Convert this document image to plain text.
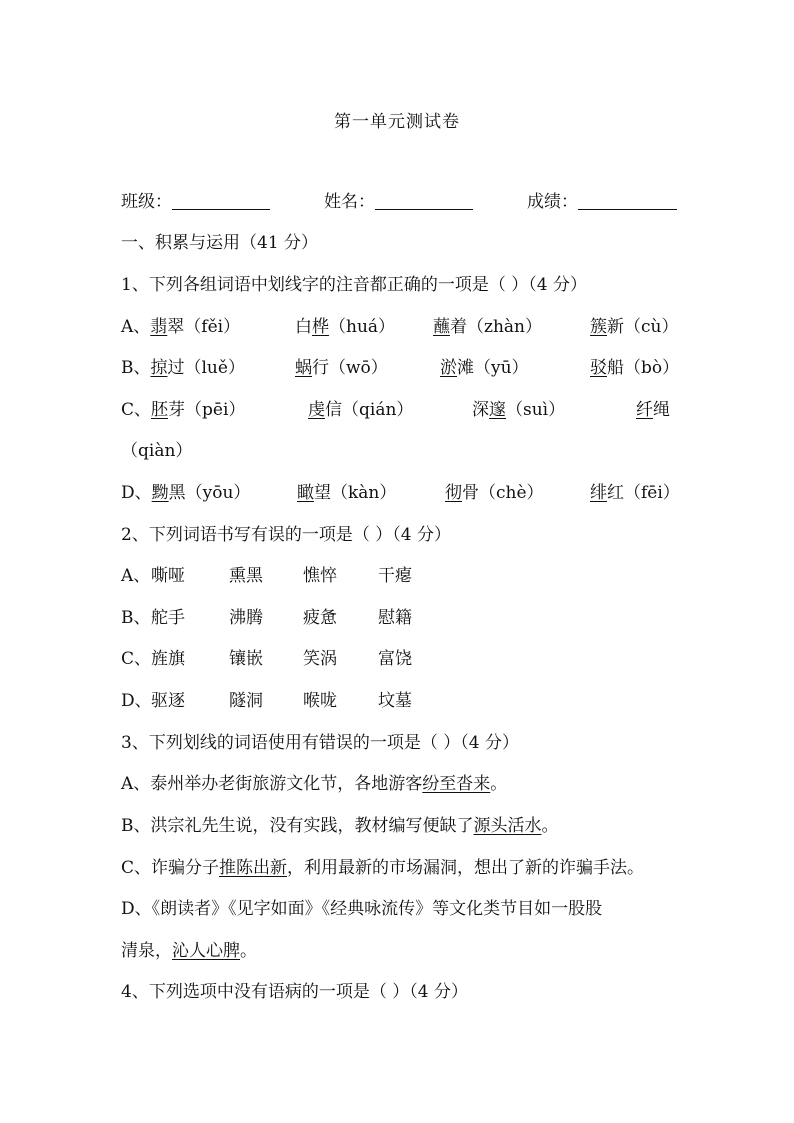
第一单元测试卷
班级：	姓名：	成绩：
一、积累与运用（41 分）
1、下列各组词语中划线字的注音都正确的一项是（ ）（4 分）
A、翡翠（fěi）	白桦（huá） 蘸着（zhàn）	簇新（cù）
B、掠过（luě）	蜗行（wō）	淤滩（yū）	驳船（bò）
C、胚芽（pēi）	虔信（qián）	深邃（suì）	纤绳
（qiàn）
D、黝黑（yōu）	瞰望（kàn）	彻骨（chè）	绯红（fēi）
2、下列词语书写有误的一项是（ ）（4 分）
A、 嘶哑	熏黑 憔悴 干瘪
B、 舵手	沸腾 疲惫 慰籍
C、 旌旗	镶嵌 笑涡 富饶
D、 驱逐	隧洞 喉咙 坟墓
3、下列划线的词语使用有错误的一项是（ ）（4 分）
A、泰州举办老街旅游文化节，各地游客纷至沓来。
B、洪宗礼先生说，没有实践，教材编写便缺了源头活水。
C、诈骗分子推陈出新，利用最新的市场漏洞，想出了新的诈骗手法。
D、《朗读者》《见字如面》《经典咏流传》等文化类节目如一股股
清泉，沁人心脾。
4、下列选项中没有语病的一项是（ ）（4 分）
